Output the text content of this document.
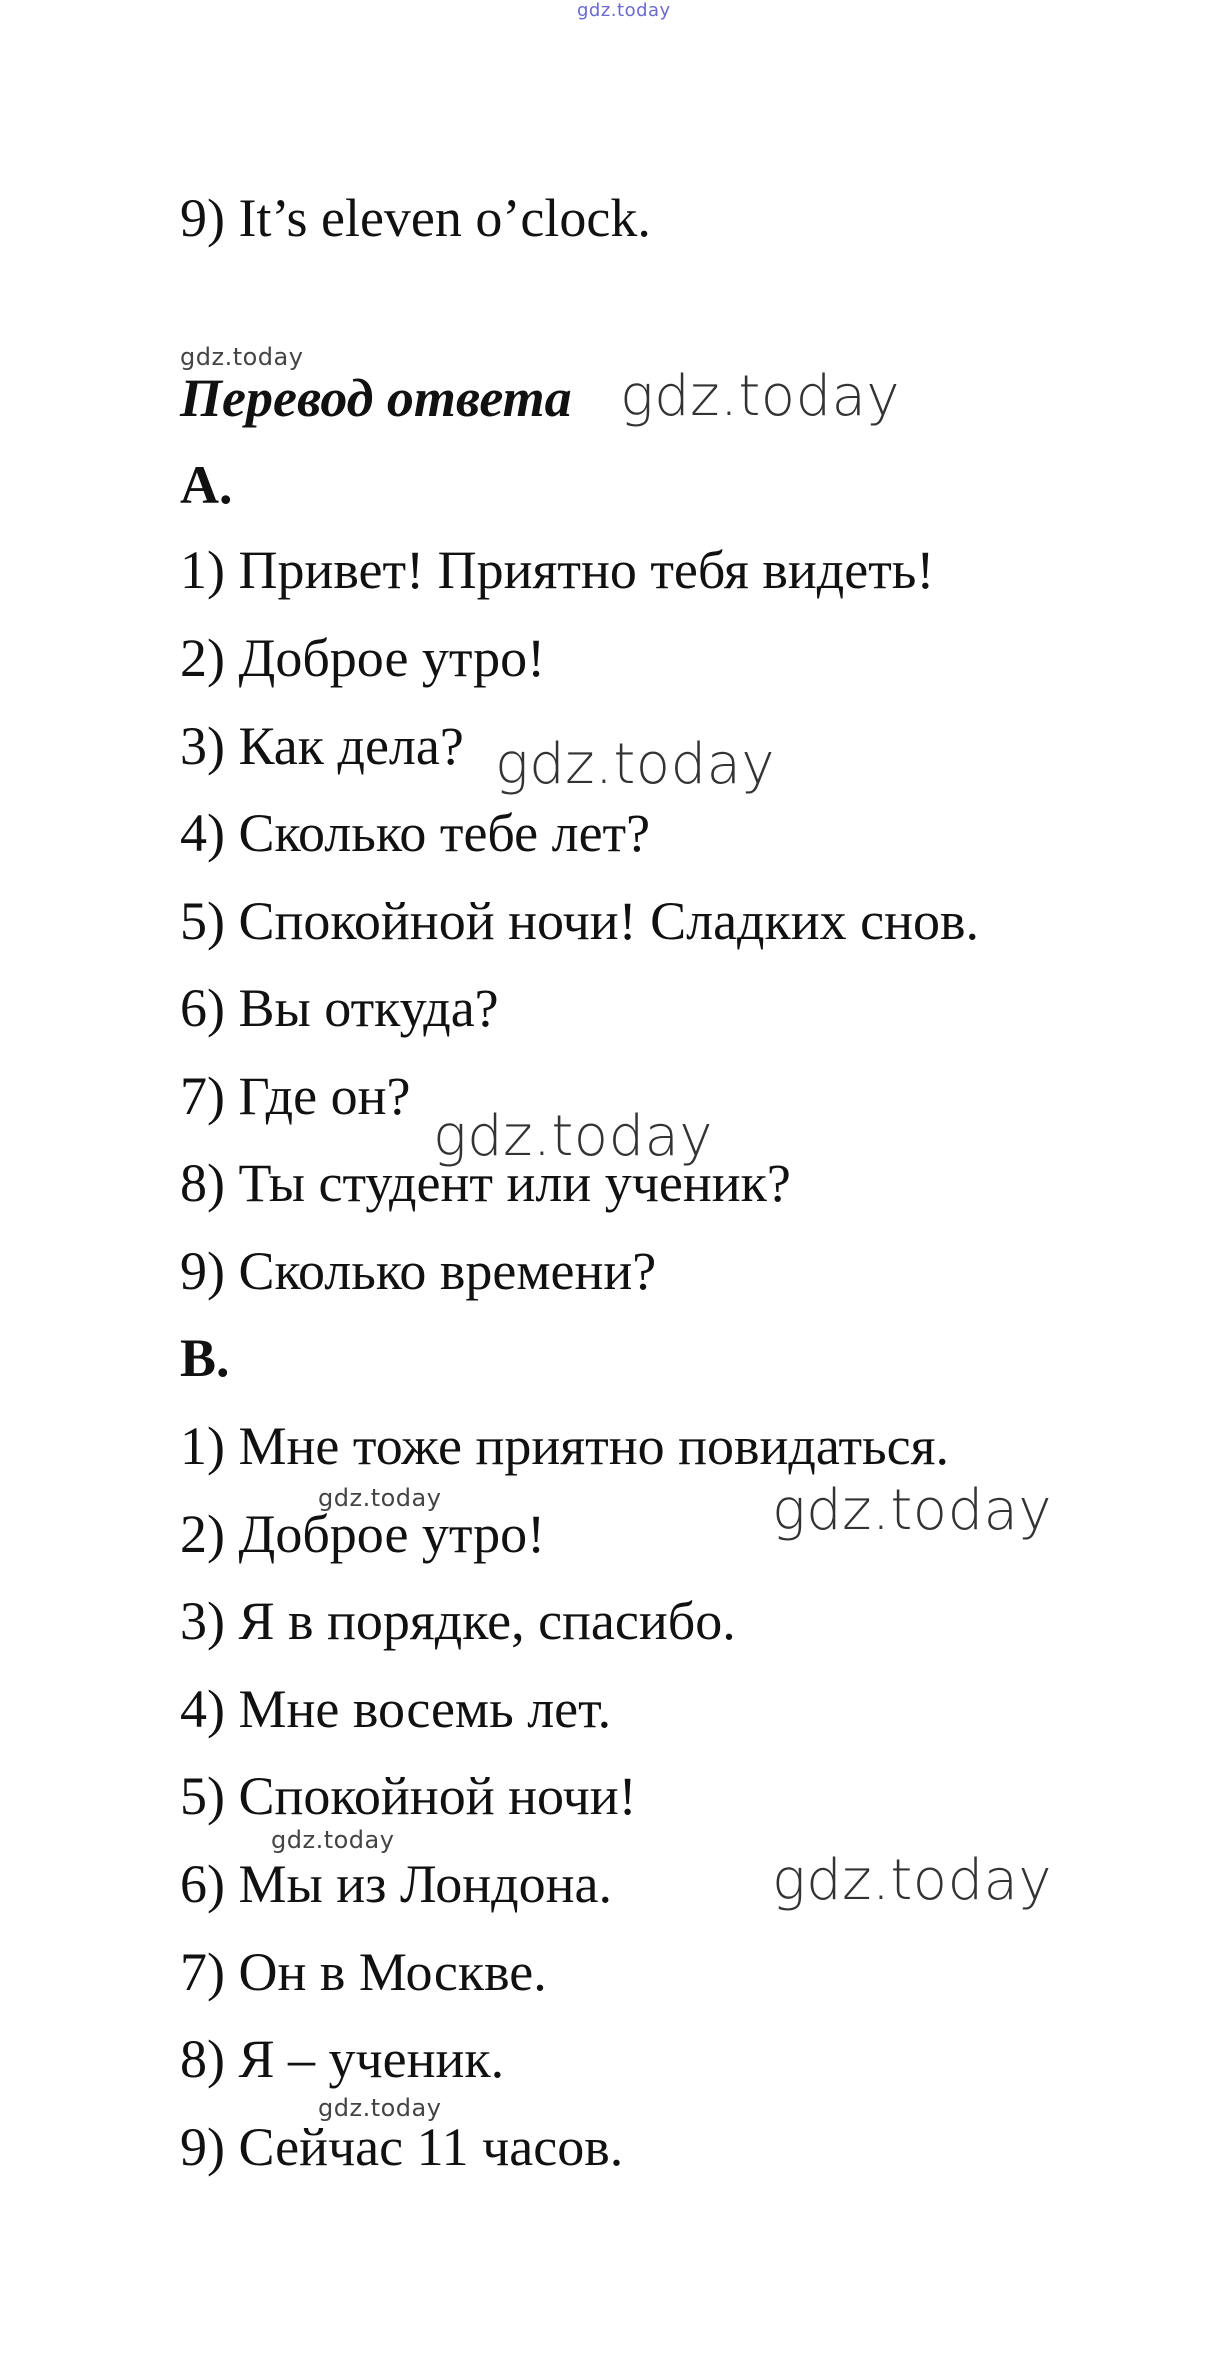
gdz.today
9) It’s eleven o’clock.
gdz.today
Перевод ответа gdz.today
A.
1) Привет! Приятно тебя видеть!
2) Доброе утро!
3) Как дела? gdz.today
4) Сколько тебе лет?
5) Спокойной ночи! Сладких снов.
6) Вы откуда?
7) Где он?
gdz.today
8) Ты студент или ученик?
9) Сколько времени?
B.
1) Мне тоже приятно повидаться.
gdz.today	gdz.today
2) Доброе утро!
3) Я в порядке, спасибо.
4) Мне восемь лет.
5) Спокойной ночи!
gdz.today
gdz.today
6) Мы из Лондона.
7) Он в Москве.
8) Я – ученик.
gdz.today
9) Сейчас 11 часов.
